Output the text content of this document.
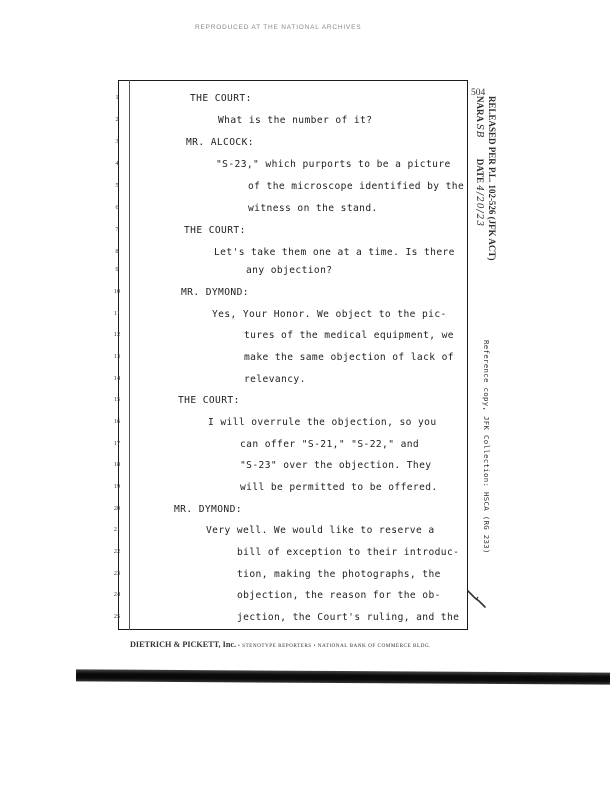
REPRODUCED AT THE NATIONAL ARCHIVES
504
1
2
3
4
5
6
7
8
9
10
11
12
13
14
15
16
17
18
19
20
21
22
23
24
25
THE COURT:
What is the number of it?
MR. ALCOCK:
"S-23," which purports to be a picture
of the microscope identified by the
witness on the stand.
THE COURT:
Let's take them one at a time. Is there
any objection?
MR. DYMOND:
Yes, Your Honor. We object to the pic-
tures of the medical equipment, we
make the same objection of lack of
relevancy.
THE COURT:
I will overrule the objection, so you
can offer "S-21," "S-22," and
"S-23" over the objection. They
will be permitted to be offered.
MR. DYMOND:
Very well. We would like to reserve a
bill of exception to their introduc-
tion, making the photographs, the
objection, the reason for the ob-
jection, the Court's ruling, and the
DIETRICH & PICKETT, Inc. • STENOTYPE REPORTERS • NATIONAL BANK OF COMMERCE BLDG.
RELEASED PER P.L. 102-526 (JFK ACT)

NARA SB         DATE 4/20/23
Reference copy, JFK Collection: HSCA (RG 233)
